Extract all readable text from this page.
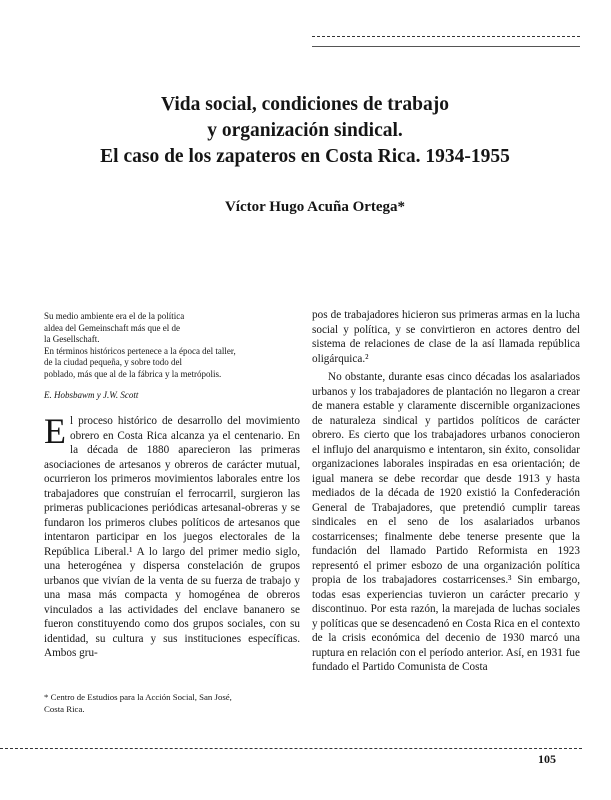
Vida social, condiciones de trabajo
y organización sindical.
El caso de los zapateros en Costa Rica. 1934-1955

Víctor Hugo Acuña Ortega*

Su medio ambiente era el de la política

aldea del Gemeinschaft más que el de

la Gesellschaft.

En términos históricos pertenece a la época del taller,

de la ciudad pequeña, y sobre todo del

poblado, más que al de la fábrica y la metrópolis.

E. Hobsbawm y J.W. Scott

El proceso histórico de desarrollo del movimiento obrero en Costa Rica alcanza ya el centenario. En la década de 1880 aparecieron las primeras asociaciones de artesanos y obreros de carácter mutual, ocurrieron los primeros movimientos laborales entre los trabajadores que construían el ferrocarril, surgieron las primeras publicaciones periódicas artesanal-obreras y se fundaron los primeros clubes políticos de artesanos que intentaron participar en los juegos electorales de la República Liberal.¹ A lo largo del primer medio siglo, una heterogénea y dispersa constelación de grupos urbanos que vivían de la venta de su fuerza de trabajo y una masa más compacta y homogénea de obreros vinculados a las actividades del enclave bananero se fueron constituyendo como dos grupos sociales, con su identidad, su cultura y sus instituciones específicas. Ambos gru-

pos de trabajadores hicieron sus primeras armas en la lucha social y política, y se convirtieron en actores dentro del sistema de relaciones de clase de la así llamada república oligárquica.²

No obstante, durante esas cinco décadas los asalariados urbanos y los trabajadores de plantación no llegaron a crear de manera estable y claramente discernible organizaciones de naturaleza sindical y partidos políticos de carácter obrero. Es cierto que los trabajadores urbanos conocieron el influjo del anarquismo e intentaron, sin éxito, consolidar organizaciones laborales inspiradas en esa orientación; de igual manera se debe recordar que desde 1913 y hasta mediados de la década de 1920 existió la Confederación General de Trabajadores, que pretendió cumplir tareas sindicales en el seno de los asalariados urbanos costarricenses; finalmente debe tenerse presente que la fundación del llamado Partido Reformista en 1923 representó el primer esbozo de una organización política propia de los trabajadores costarricenses.³ Sin embargo, todas esas experiencias tuvieron un carácter precario y discontinuo. Por esta razón, la marejada de luchas sociales y políticas que se desencadenó en Costa Rica en el contexto de la crisis económica del decenio de 1930 marcó una ruptura en relación con el período anterior. Así, en 1931 fue fundado el Partido Comunista de Costa

* Centro de Estudios para la Acción Social, San José,
Costa Rica.

105
